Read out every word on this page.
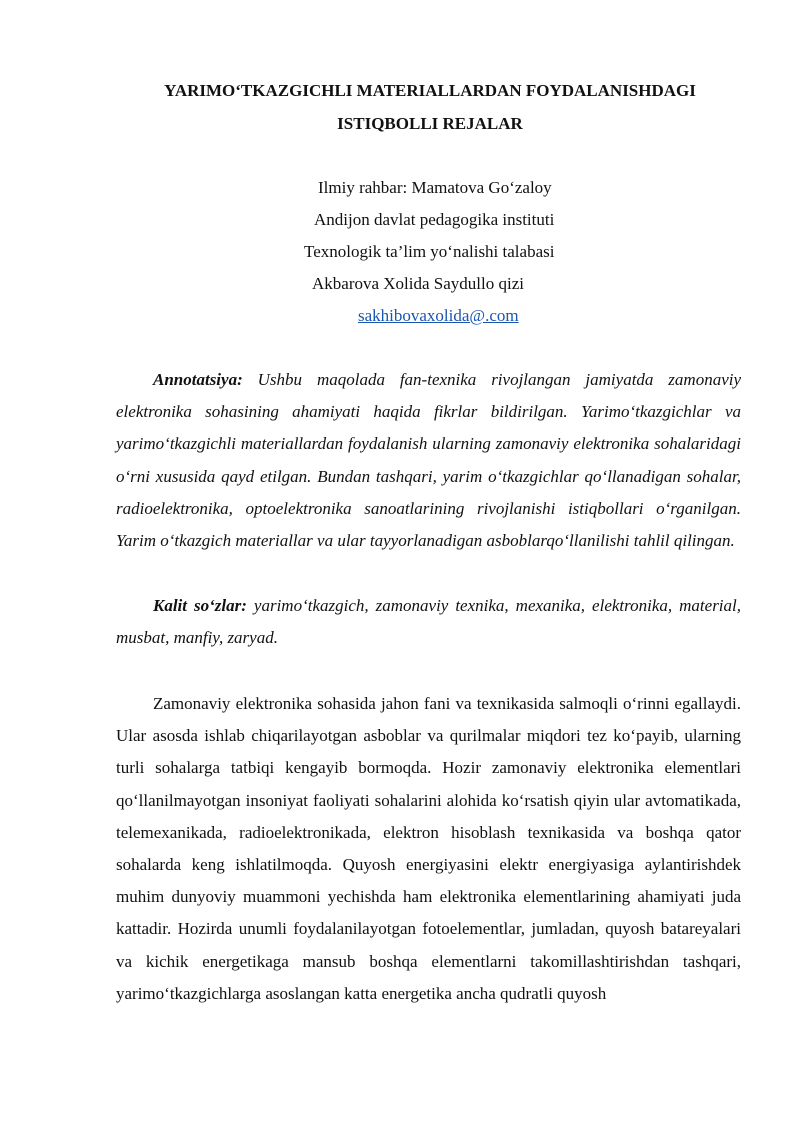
YARIMO‘TKAZGICHLI MATERIALLARDAN FOYDALANISHDAGI
ISTIQBOLLI REJALAR
Ilmiy rahbar: Mamatova Go‘zaloy
Andijon davlat pedagogika instituti
Texnologik ta’lim yo‘nalishi talabasi
Akbarova Xolida Saydullo qizi
sakhibovaxolida@.com

Annotatsiya: Ushbu maqolada fan-texnika rivojlangan jamiyatda zamonaviy elektronika sohasining ahamiyati haqida fikrlar bildirilgan. Yarimo‘tkazgichlar va yarimo‘tkazgichli materiallardan foydalanish ularning zamonaviy elektronika sohalaridagi o‘rni xususida qayd etilgan. Bundan tashqari, yarim o‘tkazgichlar qo‘llanadigan sohalar, radioelektronika, optoelektronika sanoatlarining rivojlanishi istiqbollari o‘rganilgan. Yarim o‘tkazgich materiallar va ular tayyorlanadigan asboblarqo‘llanilishi tahlil qilingan.

Kalit so‘zlar: yarimo‘tkazgich, zamonaviy texnika, mexanika, elektronika, material, musbat, manfiy, zaryad.

Zamonaviy elektronika sohasida jahon fani va texnikasida salmoqli o‘rinni egallaydi. Ular asosda ishlab chiqarilayotgan asboblar va qurilmalar miqdori tez ko‘payib, ularning turli sohalarga tatbiqi kengayib bormoqda. Hozir zamonaviy elektronika elementlari qo‘llanilmayotgan insoniyat faoliyati sohalarini alohida ko‘rsatish qiyin ular avtomatikada, telemexanikada, radioelektronikada, elektron hisoblash texnikasida va boshqa qator sohalarda keng ishlatilmoqda. Quyosh energiyasini elektr energiyasiga aylantirishdek muhim dunyoviy muammoni yechishda ham elektronika elementlarining ahamiyati juda kattadir. Hozirda unumli foydalanilayotgan fotoelementlar, jumladan, quyosh batareyalari va kichik energetikaga mansub boshqa elementlarni takomillashtirishdan tashqari, yarimo‘tkazgichlarga asoslangan katta energetika ancha qudratli quyosh
